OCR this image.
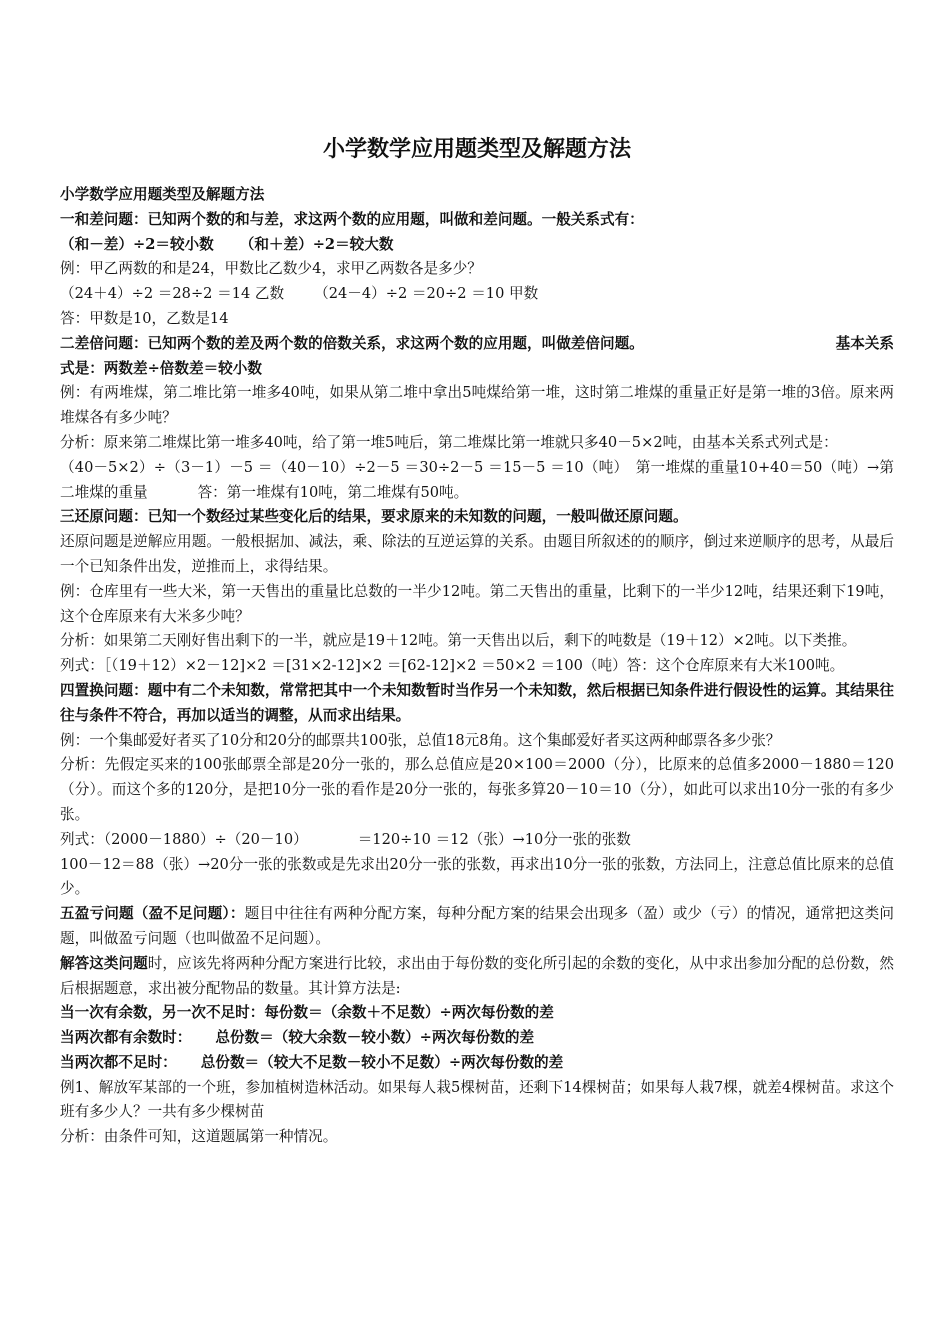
小学数学应用题类型及解题方法

小学数学应用题类型及解题方法

一和差问题：已知两个数的和与差，求这两个数的应用题，叫做和差问题。一般关系式有：

（和－差）÷2＝较小数 （和＋差）÷2＝较大数

例：甲乙两数的和是24，甲数比乙数少4，求甲乙两数各是多少？

（24＋4）÷2 ＝28÷2 ＝14 乙数 （24－4）÷2 ＝20÷2 ＝10 甲数

答：甲数是10，乙数是14

二差倍问题：已知两个数的差及两个数的倍数关系，求这两个数的应用题，叫做差倍问题。	基本关系

式是：两数差÷倍数差＝较小数

例：有两堆煤，第二堆比第一堆多40吨，如果从第二堆中拿出5吨煤给第一堆，这时第二堆煤的重量正好是第一堆的3倍。原来两堆煤各有多少吨？

分析：原来第二堆煤比第一堆多40吨，给了第一堆5吨后，第二堆煤比第一堆就只多40－5×2吨，由基本关系式列式是：

（40－5×2）÷（3－1）－5 ＝（40－10）÷2－5 ＝30÷2－5 ＝15－5 ＝10（吨）　第一堆煤的重量10+40＝50（吨）→第二堆煤的重量	答：第一堆煤有10吨，第二堆煤有50吨。

三还原问题：已知一个数经过某些变化后的结果，要求原来的未知数的问题，一般叫做还原问题。

还原问题是逆解应用题。一般根据加、减法，乘、除法的互逆运算的关系。由题目所叙述的的顺序，倒过来逆顺序的思考，从最后一个已知条件出发，逆推而上，求得结果。

例：仓库里有一些大米，第一天售出的重量比总数的一半少12吨。第二天售出的重量，比剩下的一半少12吨，结果还剩下19吨，这个仓库原来有大米多少吨？

分析：如果第二天刚好售出剩下的一半，就应是19＋12吨。第一天售出以后，剩下的吨数是（19＋12）×2吨。以下类推。

列式：［（19＋12）×2－12]×2 ＝[31×2-12]×2 ＝[62-12]×2 ＝50×2 ＝100（吨）答：这个仓库原来有大米100吨。

四置换问题：题中有二个未知数，常常把其中一个未知数暂时当作另一个未知数，然后根据已知条件进行假设性的运算。其结果往往与条件不符合，再加以适当的调整，从而求出结果。

例：一个集邮爱好者买了10分和20分的邮票共100张，总值18元8角。这个集邮爱好者买这两种邮票各多少张？

分析：先假定买来的100张邮票全部是20分一张的，那么总值应是20×100＝2000（分），比原来的总值多2000－1880＝120（分）。而这个多的120分，是把10分一张的看作是20分一张的，每张多算20－10＝10（分），如此可以求出10分一张的有多少张。

列式：（2000－1880）÷（20－10）	＝120÷10 ＝12（张）→10分一张的张数

100－12＝88（张）→20分一张的张数或是先求出20分一张的张数，再求出10分一张的张数，方法同上，注意总值比原来的总值少。

五盈亏问题（盈不足问题）：题目中往往有两种分配方案，每种分配方案的结果会出现多（盈）或少（亏）的情况，通常把这类问题，叫做盈亏问题（也叫做盈不足问题）。

解答这类问题时，应该先将两种分配方案进行比较，求出由于每份数的变化所引起的余数的变化，从中求出参加分配的总份数，然后根据题意，求出被分配物品的数量。其计算方法是:

当一次有余数，另一次不足时：每份数＝（余数＋不足数）÷两次每份数的差

当两次都有余数时： 总份数＝（较大余数－较小数）÷两次每份数的差

当两次都不足时： 总份数＝（较大不足数－较小不足数）÷两次每份数的差

例1、解放军某部的一个班，参加植树造林活动。如果每人栽5棵树苗，还剩下14棵树苗；如果每人栽7棵，就差4棵树苗。求这个班有多少人？一共有多少棵树苗

分析：由条件可知，这道题属第一种情况。
